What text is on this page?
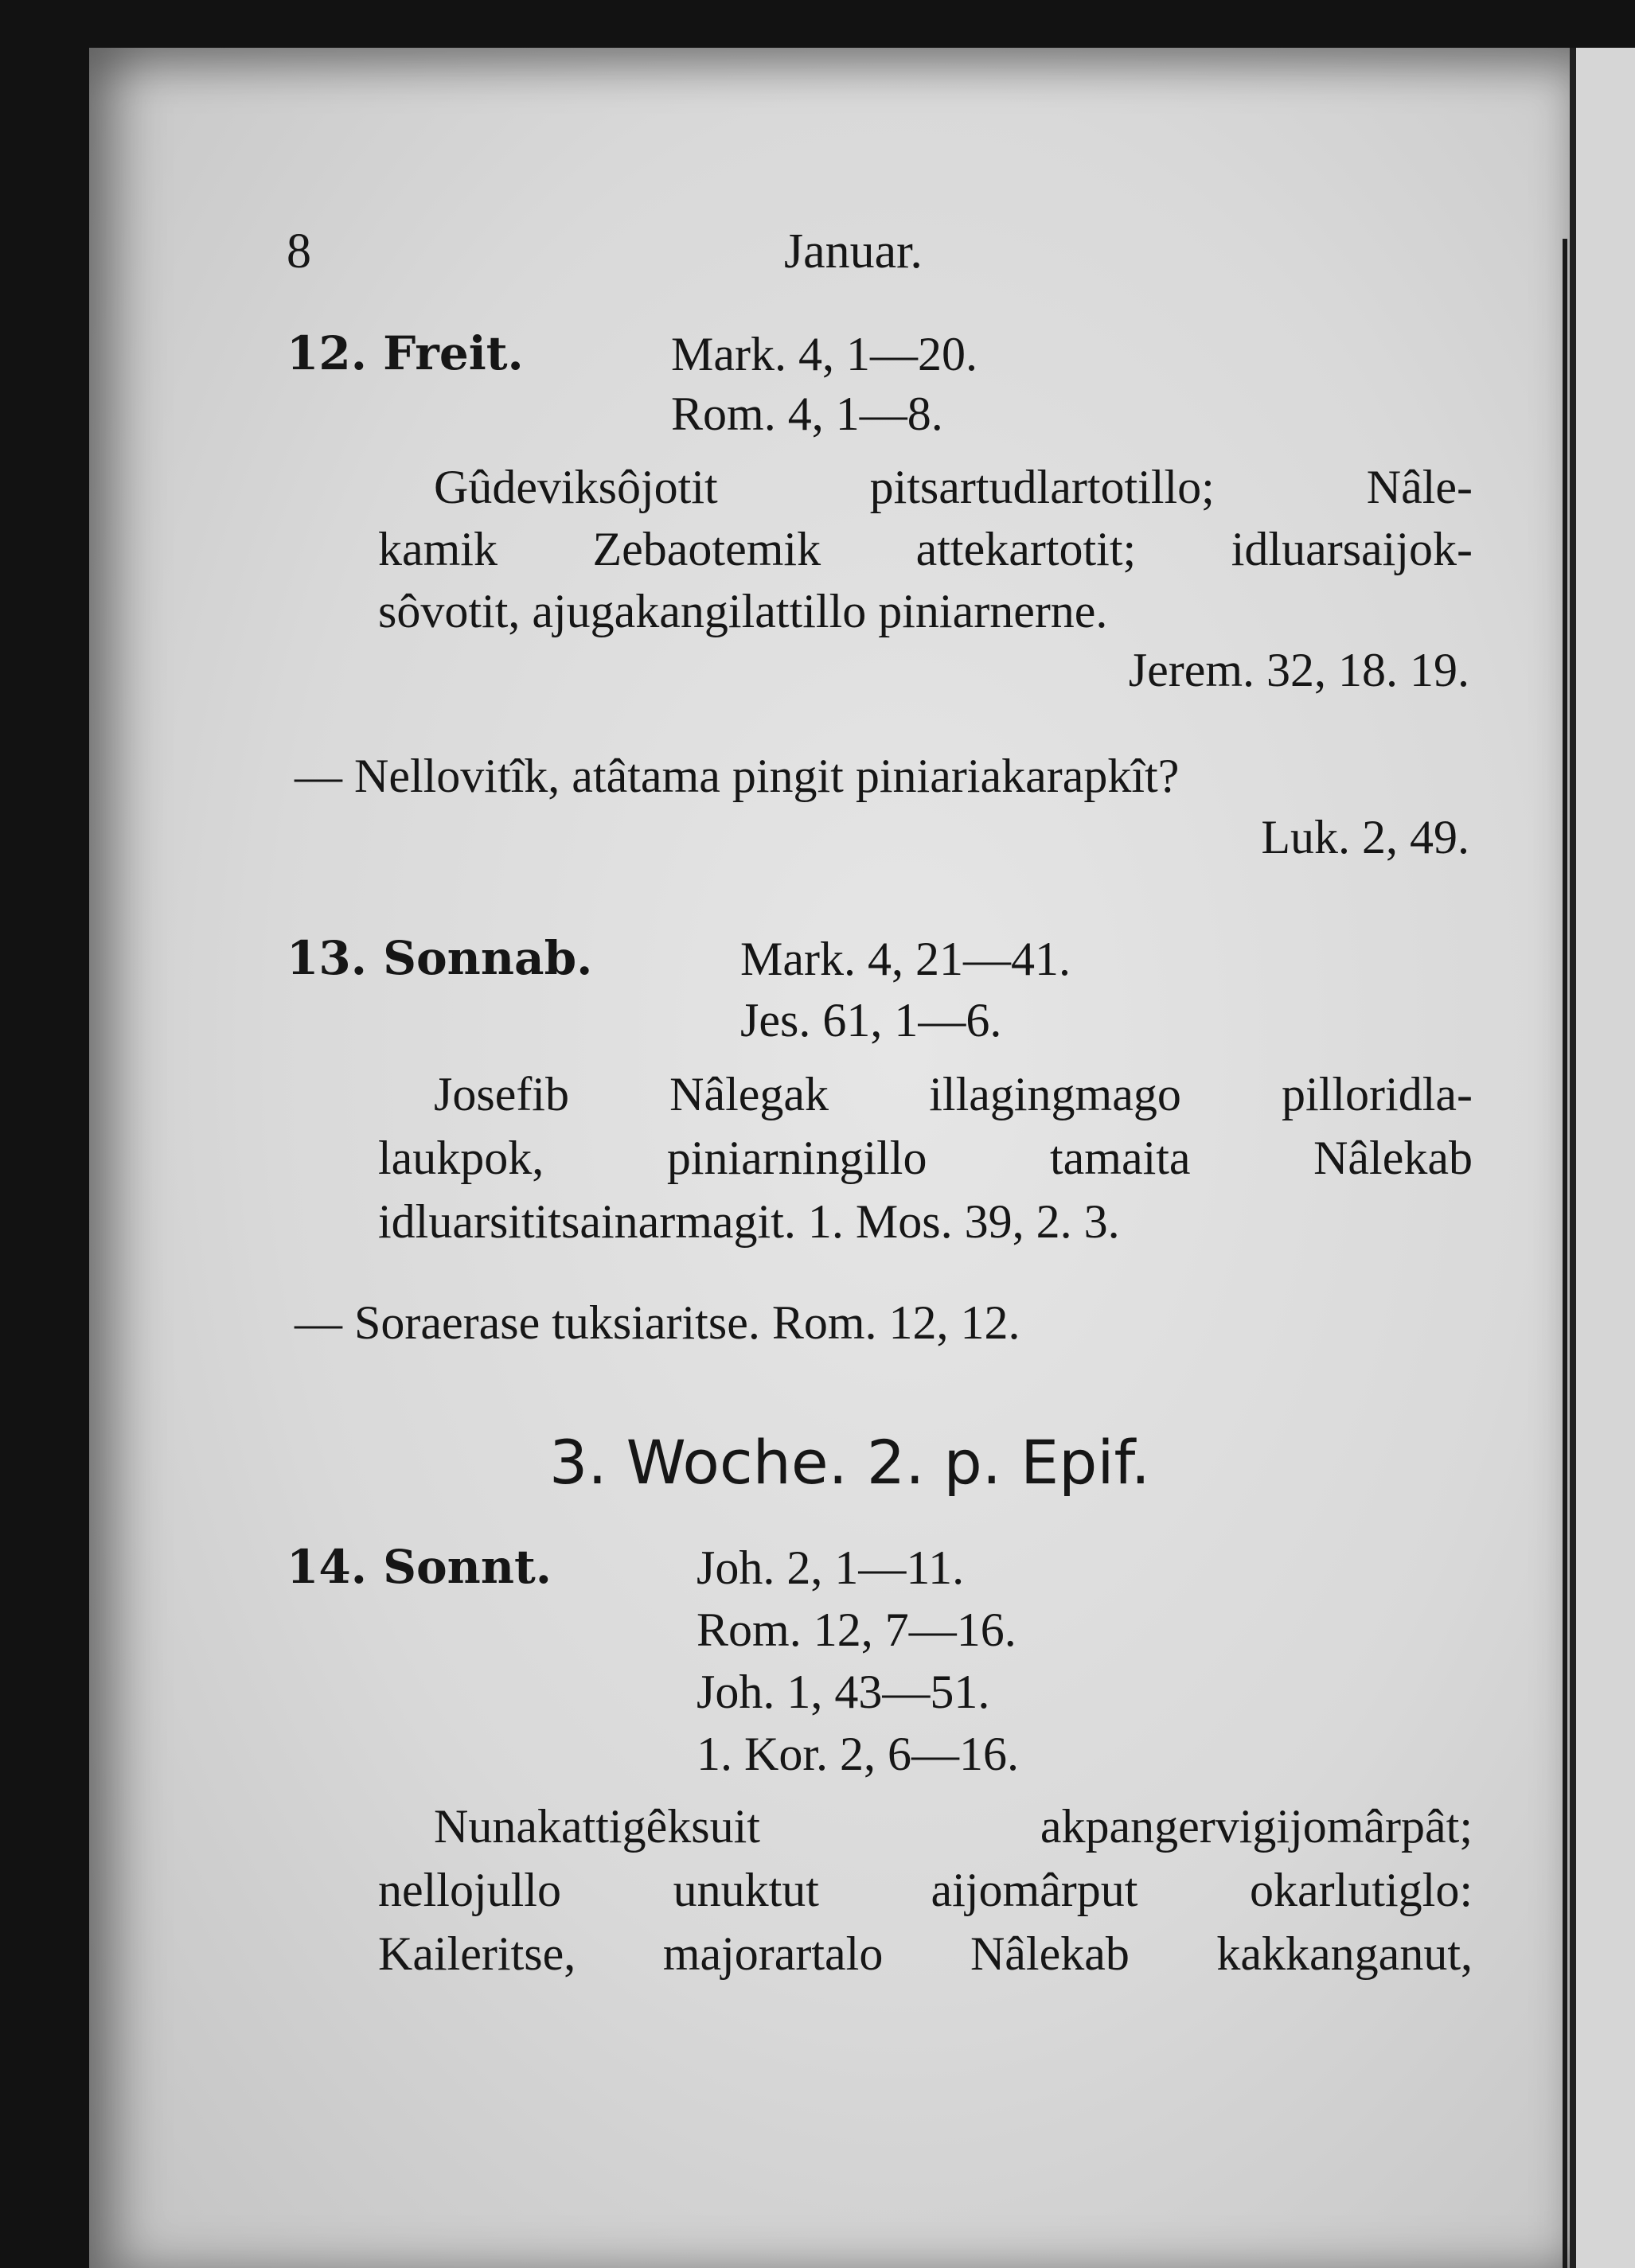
8	Januar.
12. Freit.	Mark. 4, 1—20.
Rom. 4, 1—8.
Gûdeviksôjotit pitsartudlartotillo; Nâle-
kamik Zebaotemik attekartotit; idluarsaijok-
sôvotit, ajugakangilattillo piniarnerne.
Jerem. 32, 18. 19.
— Nellovitîk, atâtama pingit piniariakarapkît?
Luk. 2, 49.
13. Sonnab.	Mark. 4, 21—41.
Jes. 61, 1—6.
Josefib Nâlegak illagingmago pilloridla-
laukpok, piniarningillo tamaita Nâlekab
idluarsititsainarmagit. 1. Mos. 39, 2. 3.
— Soraerase tuksiaritse. Rom. 12, 12.
3. Woche. 2. p. Epif.
14. Sonnt.	Joh. 2, 1—11.
Rom. 12, 7—16.
Joh. 1, 43—51.
1. Kor. 2, 6—16.
Nunakattigêksuit akpangervigijomârpât;
nellojullo unuktut aijomârput okarlutiglo:
Kaileritse, majorartalo Nâlekab kakkanganut,
